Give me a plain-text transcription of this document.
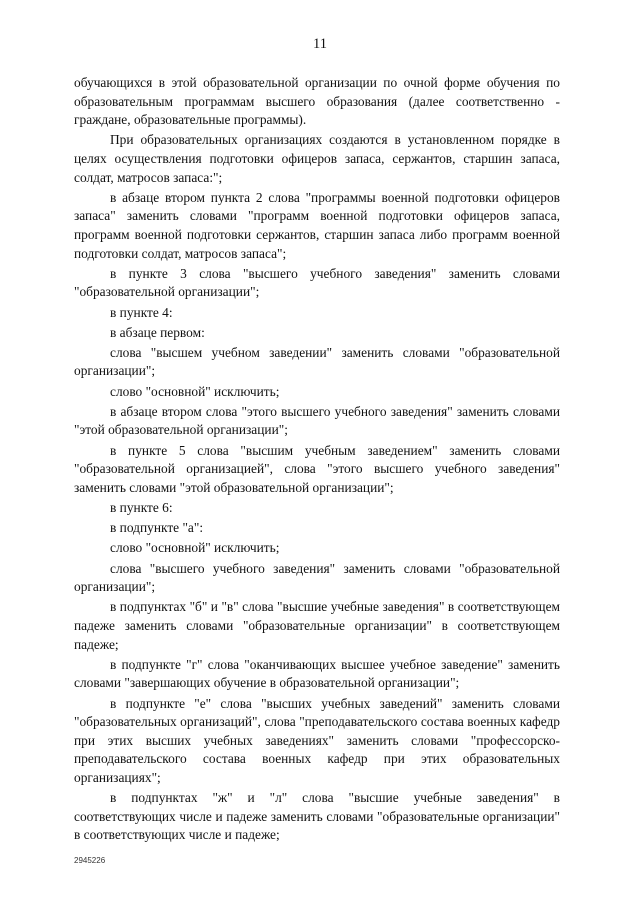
11

обучающихся в этой образовательной организации по очной форме обучения по образовательным программам высшего образования (далее соответственно - граждане, образовательные программы).

При образовательных организациях создаются в установленном порядке в целях осуществления подготовки офицеров запаса, сержантов, старшин запаса, солдат, матросов запаса:";

в абзаце втором пункта 2 слова "программы военной подготовки офицеров запаса" заменить словами "программ военной подготовки офицеров запаса, программ военной подготовки сержантов, старшин запаса либо программ военной подготовки солдат, матросов запаса";

в пункте 3 слова "высшего учебного заведения" заменить словами "образовательной организации";

в пункте 4:

в абзаце первом:

слова "высшем учебном заведении" заменить словами "образовательной организации";

слово "основной" исключить;

в абзаце втором слова "этого высшего учебного заведения" заменить словами "этой образовательной организации";

в пункте 5 слова "высшим учебным заведением" заменить словами "образовательной организацией", слова "этого высшего учебного заведения" заменить словами "этой образовательной организации";

в пункте 6:

в подпункте "а":

слово "основной" исключить;

слова "высшего учебного заведения" заменить словами "образовательной организации";

в подпунктах "б" и "в" слова "высшие учебные заведения" в соответствующем падеже заменить словами "образовательные организации" в соответствующем падеже;

в подпункте "г" слова "оканчивающих высшее учебное заведение" заменить словами "завершающих обучение в образовательной организации";

в подпункте "е" слова "высших учебных заведений" заменить словами "образовательных организаций", слова "преподавательского состава военных кафедр при этих высших учебных заведениях" заменить словами "профессорско-преподавательского состава военных кафедр при этих образовательных организациях";

в подпунктах "ж" и "л" слова "высшие учебные заведения" в соответствующих числе и падеже заменить словами "образовательные организации" в соответствующих числе и падеже;

2945226
